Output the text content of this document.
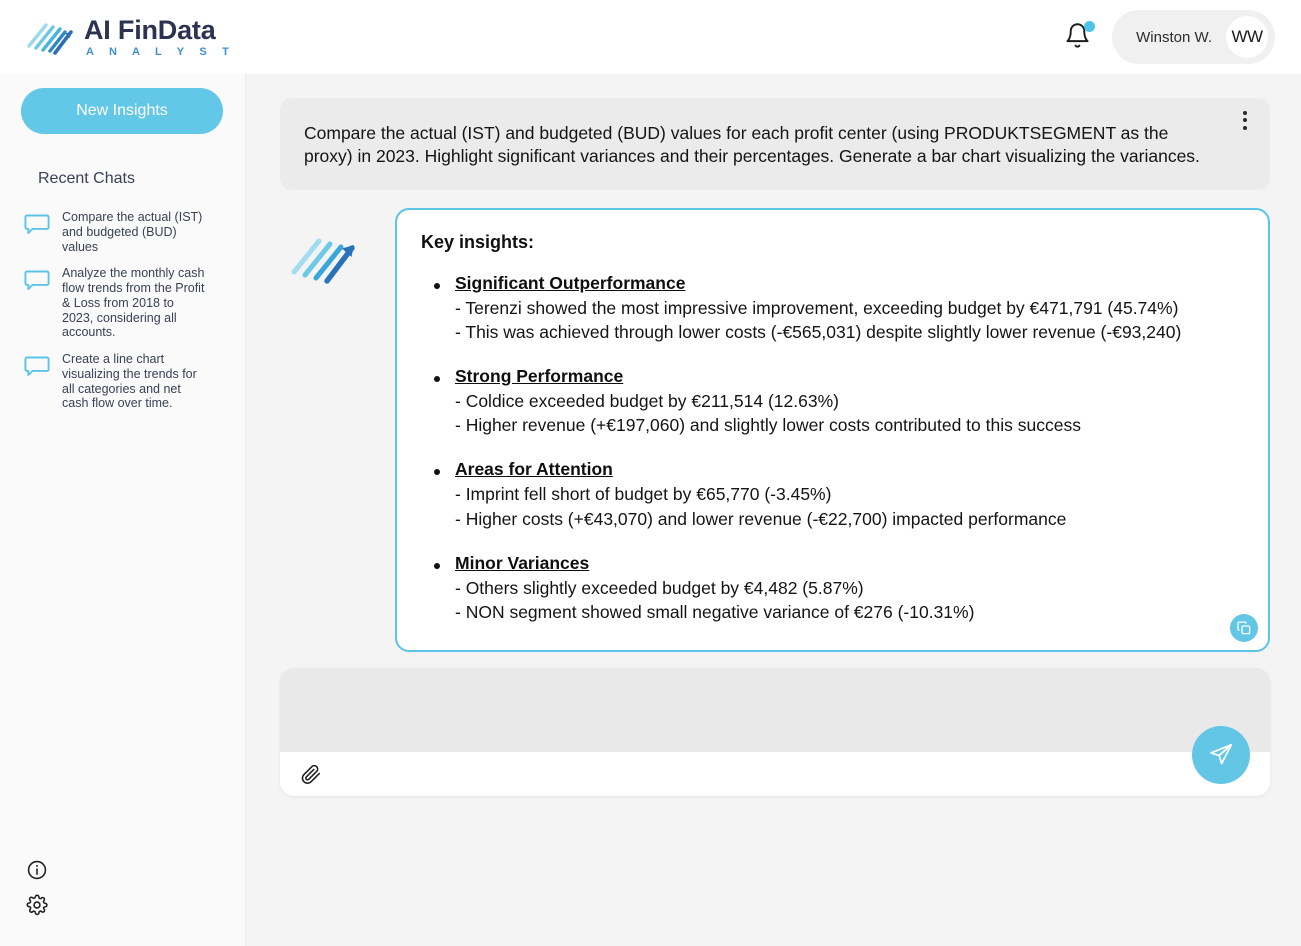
AI FinData
A N A L Y S T
Winston W.	WW
New Insights
Recent Chats
Compare the actual (IST) and budgeted (BUD) values
Analyze the monthly cash flow trends from the Profit & Loss from 2018 to 2023, considering all accounts.
Create a line chart visualizing the trends for all categories and net cash flow over time.
Compare the actual (IST) and budgeted (BUD) values for each profit center (using PRODUKTSEGMENT as the proxy) in 2023. Highlight significant variances and their percentages. Generate a bar chart visualizing the variances.
Key insights:
Significant Outperformance
- Terenzi showed the most impressive improvement, exceeding budget by €471,791 (45.74%)
- This was achieved through lower costs (-€565,031) despite slightly lower revenue (-€93,240)
Strong Performance
- Coldice exceeded budget by €211,514 (12.63%)
- Higher revenue (+€197,060) and slightly lower costs contributed to this success
Areas for Attention
- Imprint fell short of budget by €65,770 (-3.45%)
- Higher costs (+€43,070) and lower revenue (-€22,700) impacted performance
Minor Variances
- Others slightly exceeded budget by €4,482 (5.87%)
- NON segment showed small negative variance of €276 (-10.31%)
